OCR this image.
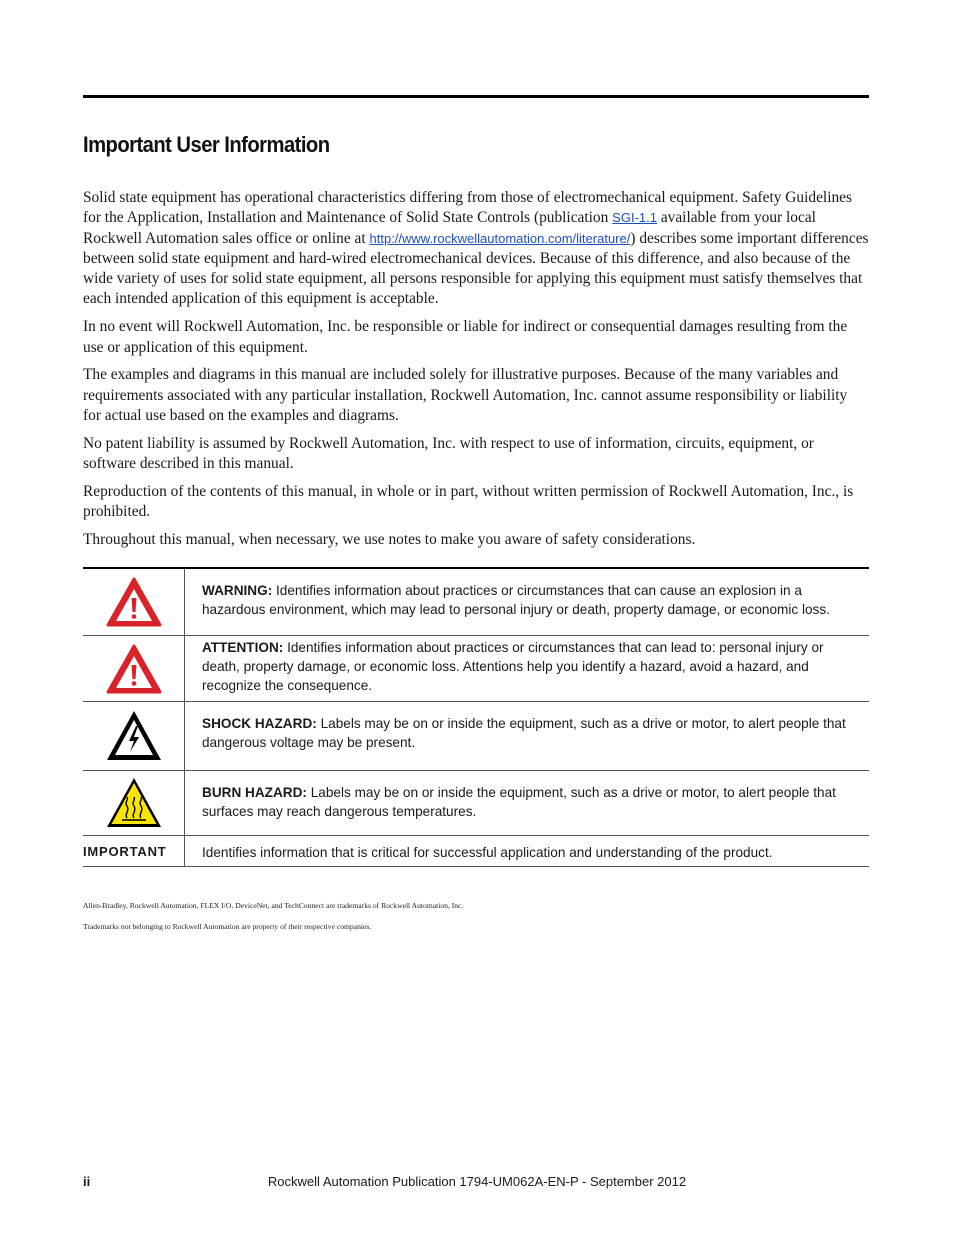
Important User Information

Solid state equipment has operational characteristics differing from those of electromechanical equipment. Safety Guidelines for the Application, Installation and Maintenance of Solid State Controls (publication SGI-1.1 available from your local Rockwell Automation sales office or online at http://www.rockwellautomation.com/literature/) describes some important differences between solid state equipment and hard-wired electromechanical devices. Because of this difference, and also because of the wide variety of uses for solid state equipment, all persons responsible for applying this equipment must satisfy themselves that each intended application of this equipment is acceptable.

In no event will Rockwell Automation, Inc. be responsible or liable for indirect or consequential damages resulting from the use or application of this equipment.

The examples and diagrams in this manual are included solely for illustrative purposes. Because of the many variables and requirements associated with any particular installation, Rockwell Automation, Inc. cannot assume responsibility or liability for actual use based on the examples and diagrams.

No patent liability is assumed by Rockwell Automation, Inc. with respect to use of information, circuits, equipment, or software described in this manual.

Reproduction of the contents of this manual, in whole or in part, without written permission of Rockwell Automation, Inc., is prohibited.

Throughout this manual, when necessary, we use notes to make you aware of safety considerations.

WARNING: Identifies information about practices or circumstances that can cause an explosion in a hazardous environment, which may lead to personal injury or death, property damage, or economic loss.
ATTENTION: Identifies information about practices or circumstances that can lead to: personal injury or death, property damage, or economic loss. Attentions help you identify a hazard, avoid a hazard, and recognize the consequence.
SHOCK HAZARD: Labels may be on or inside the equipment, such as a drive or motor, to alert people that dangerous voltage may be present.
BURN HAZARD: Labels may be on or inside the equipment, such as a drive or motor, to alert people that surfaces may reach dangerous temperatures.
IMPORTANT	Identifies information that is critical for successful application and understanding of the product.

Allen-Bradley, Rockwell Automation, FLEX I/O, DeviceNet, and TechConnect are trademarks of Rockwell Automation, Inc.

Trademarks not belonging to Rockwell Automation are property of their respective companies.

Rockwell Automation Publication 1794-UM062A-EN-P - September 2012
ii
